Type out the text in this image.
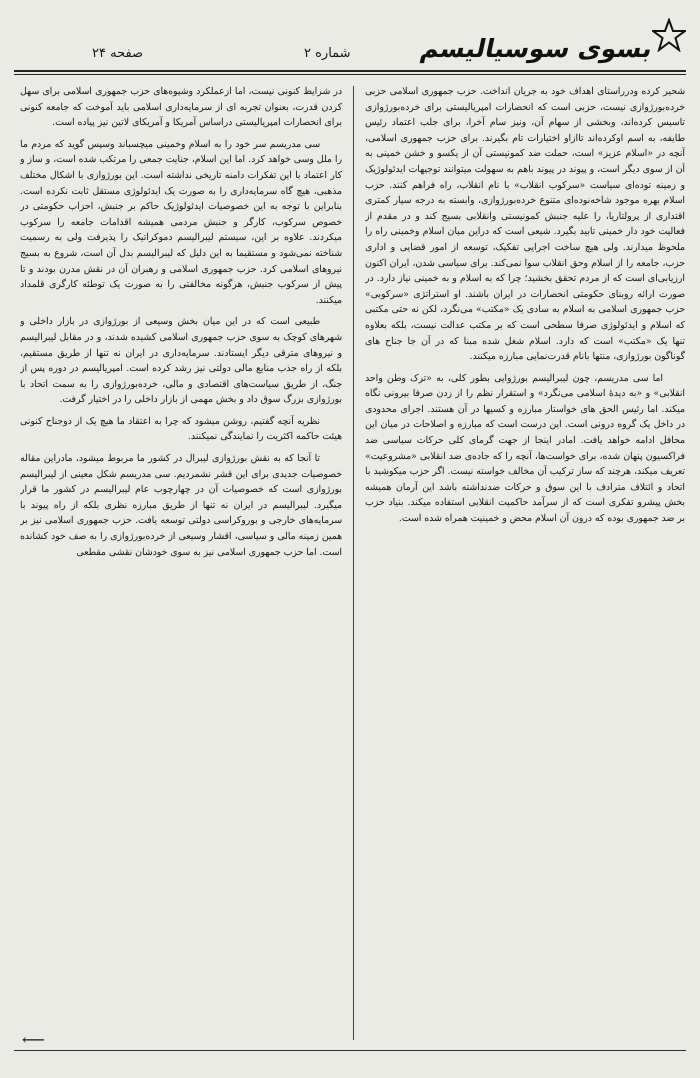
بسوی سوسیالیسم
شماره ۲
صفحه ۲۴

شحیر کرده ودرراستای اهداف خود به جریان انداخت. حزب جمهوری اسلامی حزبی خرده‌بورژوازی نیست، حزبی است که انحصارات امپریالیستی برای خرده‌بورژوازی تاسیس کرده‌اند، وبخشی از سهام آن، ونیز سام آخرا، برای جلب اعتماد رئیس طایفه، به اسم اوکرده‌اند تاازاو اختیارات تام بگیرند. برای حزب جمهوری اسلامی، آنچه در «اسلام عزیز» است، حملت ضد کمونیستی آن از یکسو و خشن خمینی به آن از سوی دیگر است، و پیوند در پیوند باهم به سهولت میتوانند توجیهات ایدئولوژیک و زمینه توده‌ای سیاست «سرکوب انقلاب» با نام انقلاب، راه فراهم کنند. حزب اسلام بهره موجود شاخه‌نوده‌ای متنوع خرده‌بورژوازی، وابسته به درجه سیار کمتری اقتداری از پرولتاریا، را علیه جنبش کمونیستی وانقلابی بسیج کند و در مقدم از فعالیت خود دار خمینی تابید بگیرد. شیعی است که دراین میان اسلام وخمینی راه را ملحوظ میدارند. ولی هیچ ساخت اجرایی تفکیک، توسعه از امور قضایی و اداری حزب، جامعه را از اسلام وحق انقلاب سوا نمی‌کند. برای سیاسی شدن، ایران اکنون ارزیابی‌ای است که از مردم تحقق بخشید؛ چرا که به اسلام و به خمینی نیاز دارد. در صورت ارائه روبنای حکومتی انحصارات در ایران باشند. او استراتژی «سرکوبی» حزب جمهوری اسلامی به اسلام به سادی یک «مکتب» می‌نگرد، لکن نه حتی مکتبی که اسلام و ایدئولوژی صرفا سطحی است که بر مکتب عدالت نیست، بلکه بعلاوه تنها یک «مکتب» است که دارد. اسلام شغل شده مبنا که در آن جا جناح های گوناگون بورژوازی، منتها بانام قدرت‌نمایی مبارزه میکنند.

اما سی مدریسم، چون لیبرالیسم بورژوایی بطور کلی، به «ترک وطن واحد انقلابی» و «به دیدهٔ اسلامی می‌نگرد» و استقرار نظم را از زدن صرفا بیرونی نگاه میکند. اما رئیس الحق های خواستار مبارزه و کسیها در آن هستند. اجرای محدودی در داخل یک گروه درونی است. این درست است که مبارزه و اصلاحات در میان این محافل ادامه خواهد یافت. امادر اینجا از جهت گرمای کلی حرکات سیاسی ضد فراکسیون پنهان شده، برای خواست‌ها، آنچه را که جاده‌ی ضد انقلابی «مشروعیت» تعریف میکند، هرچند که ساز ترکیب آن مخالف خواسته نیست. اگر حزب میکوشید با اتحاد و ائتلاف مترادف با این سوق و حرکات ضدنداشته باشد این آرمان همیشه بخش پیشرو تفکری است که از سرآمد حاکمیت انقلابی استفاده میکند. بنیاد حزب بر ضد جمهوری بوده که درون آن اسلام محض و خمینیت همراه شده است.

در شرایط کنونی نیست، اما ازعملکرد وشیوه‌های حزب جمهوری اسلامی برای سهل کردن قدرت، بعنوان تجربه ای از سرمایه‌داری اسلامی باید آموخت که جامعه کنونی برای انحصارات امپریالیستی دراساس آمریکا و آمریکای لاتین نیز پیاده است.

سی مدریسم سر خود را به اسلام وخمینی میچسباند وسپس گوید که مردم ما را ملل وسی خواهد کرد. اما این اسلام، جنایت جمعی را مرتکب شده است، و ساز و کار اعتماد با این تفکرات دامنه تاریخی نداشته است. این بورژوازی با اشکال مختلف مذهبی، هیچ گاه سرمایه‌داری را به صورت یک ایدئولوژی مستقل ثابت نکرده است. بنابراین با توجه به این خصوصیات ایدئولوژیک حاکم بر جنبش، احزاب حکومتی در خصوص سرکوب، کارگر و جنبش مردمی همیشه اقدامات جامعه را سرکوب میکردند. علاوه بر این، سیستم لیبرالیسم دموکراتیک را پذیرفت ولی به رسمیت شناخته نمی‌شود و مستقیما به این دلیل که لیبرالیسم بدل آن است، شروع به بسیج نیروهای اسلامی کرد. حزب جمهوری اسلامی و رهبران آن در نقش مدرن بودند و تا پیش از سرکوب جنبش، هرگونه مخالفتی را به صورت یک توطئه کارگری قلمداد میکنند.

طبیعی است که در این میان بخش وسیعی از بورژوازی در بازار داخلی و شهرهای کوچک به سوی حزب جمهوری اسلامی کشیده شدند، و در مقابل لیبرالیسم و نیروهای مترقی دیگر ایستادند. سرمایه‌داری در ایران نه تنها از طریق مستقیم، بلکه از راه جذب منابع مالی دولتی نیز رشد کرده است. امپریالیسم در دوره پس از جنگ، از طریق سیاست‌های اقتصادی و مالی، خرده‌بورژوازی را به سمت اتحاد با بورژوازی بزرگ سوق داد و بخش مهمی از بازار داخلی را در اختیار گرفت.

نظریه آنچه گفتیم، روشن میشود که چرا به اعتقاد ما هیچ یک از دوجناح کنونی هیئت حاکمه اکثریت را نمایندگی نمیکنند.

تا آنجا که به نقش بورژوازی لیبرال در کشور ما مربوط میشود، مادراین مقاله خصوصیات جدیدی برای این قشر نشمردیم. سی مدریسم شکل معینی از لیبرالیسم بورژوازی است که خصوصیات آن در چهارچوب عام لیبرالیسم در کشور ما قرار میگیرد. لیبرالیسم در ایران نه تنها از طریق مبارزه نظری بلکه از راه پیوند با سرمایه‌های خارجی و بوروکراسی دولتی توسعه یافت. حزب جمهوری اسلامی نیز بر همین زمینه مالی و سیاسی، اقشار وسیعی از خرده‌بورژوازی را به صف خود کشانده است. اما حزب جمهوری اسلامی نیز به سوی خودشان نقشی مقطعی

⟵
